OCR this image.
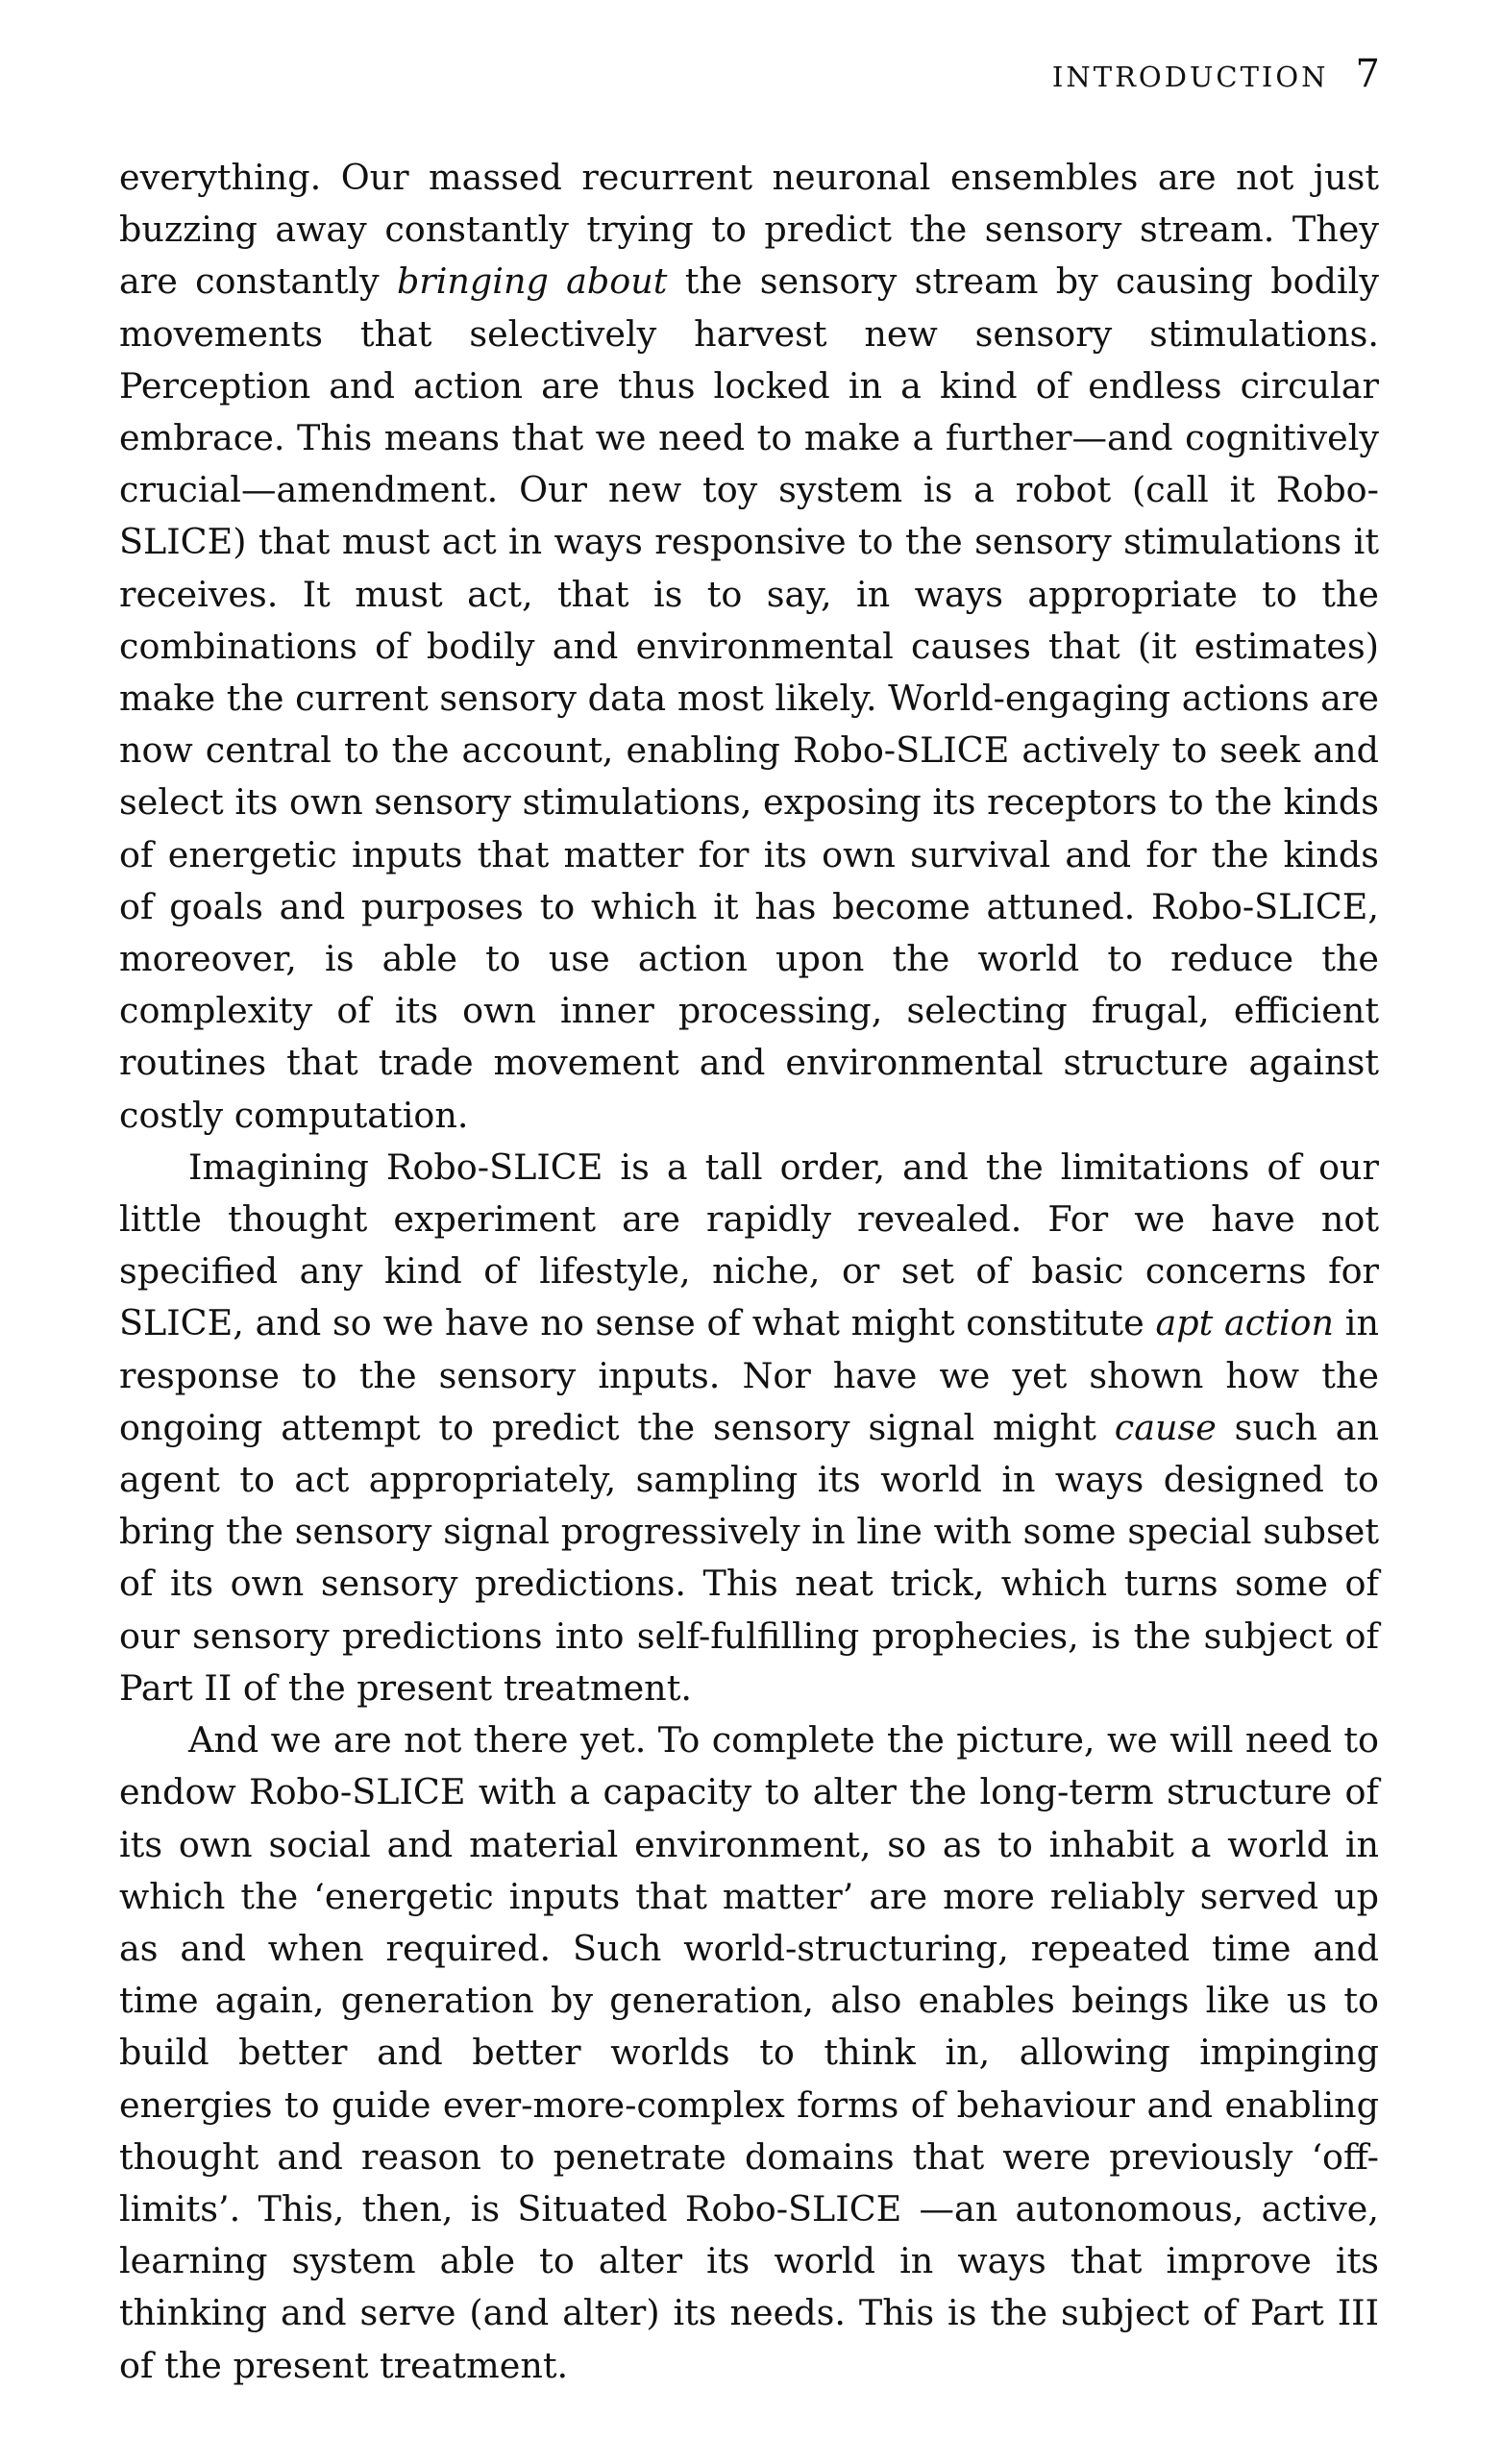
INTRODUCTION 7

everything. Our massed recurrent neuronal ensembles are not just buzzing away constantly trying to predict the sensory stream. They are constantly bringing about the sensory stream by causing bodily movements that selectively harvest new sensory stimulations. Perception and action are thus locked in a kind of endless circular embrace. This means that we need to make a further—and cognitively crucial—amendment. Our new toy system is a robot (call it Robo-SLICE) that must act in ways responsive to the sensory stimulations it receives. It must act, that is to say, in ways appropriate to the combinations of bodily and environmental causes that (it estimates) make the current sensory data most likely. World-engaging actions are now central to the account, enabling Robo-SLICE actively to seek and select its own sensory stimulations, exposing its receptors to the kinds of energetic inputs that matter for its own survival and for the kinds of goals and purposes to which it has become attuned. Robo-SLICE, moreover, is able to use action upon the world to reduce the complexity of its own inner processing, selecting frugal, efficient routines that trade movement and environmental structure against costly computation.

Imagining Robo-SLICE is a tall order, and the limitations of our little thought experiment are rapidly revealed. For we have not specified any kind of lifestyle, niche, or set of basic concerns for SLICE, and so we have no sense of what might constitute apt action in response to the sensory inputs. Nor have we yet shown how the ongoing attempt to predict the sensory signal might cause such an agent to act appropriately, sampling its world in ways designed to bring the sensory signal progressively in line with some special subset of its own sensory predictions. This neat trick, which turns some of our sensory predictions into self-fulfilling prophecies, is the subject of Part II of the present treatment.

And we are not there yet. To complete the picture, we will need to endow Robo-SLICE with a capacity to alter the long-term structure of its own social and material environment, so as to inhabit a world in which the ‘energetic inputs that matter’ are more reliably served up as and when required. Such world-structuring, repeated time and time again, generation by generation, also enables beings like us to build better and better worlds to think in, allowing impinging energies to guide ever-more-complex forms of behaviour and enabling thought and reason to penetrate domains that were previously ‘off-limits’. This, then, is Situated Robo-SLICE —an autonomous, active, learning system able to alter its world in ways that improve its thinking and serve (and alter) its needs. This is the subject of Part III of the present treatment.
